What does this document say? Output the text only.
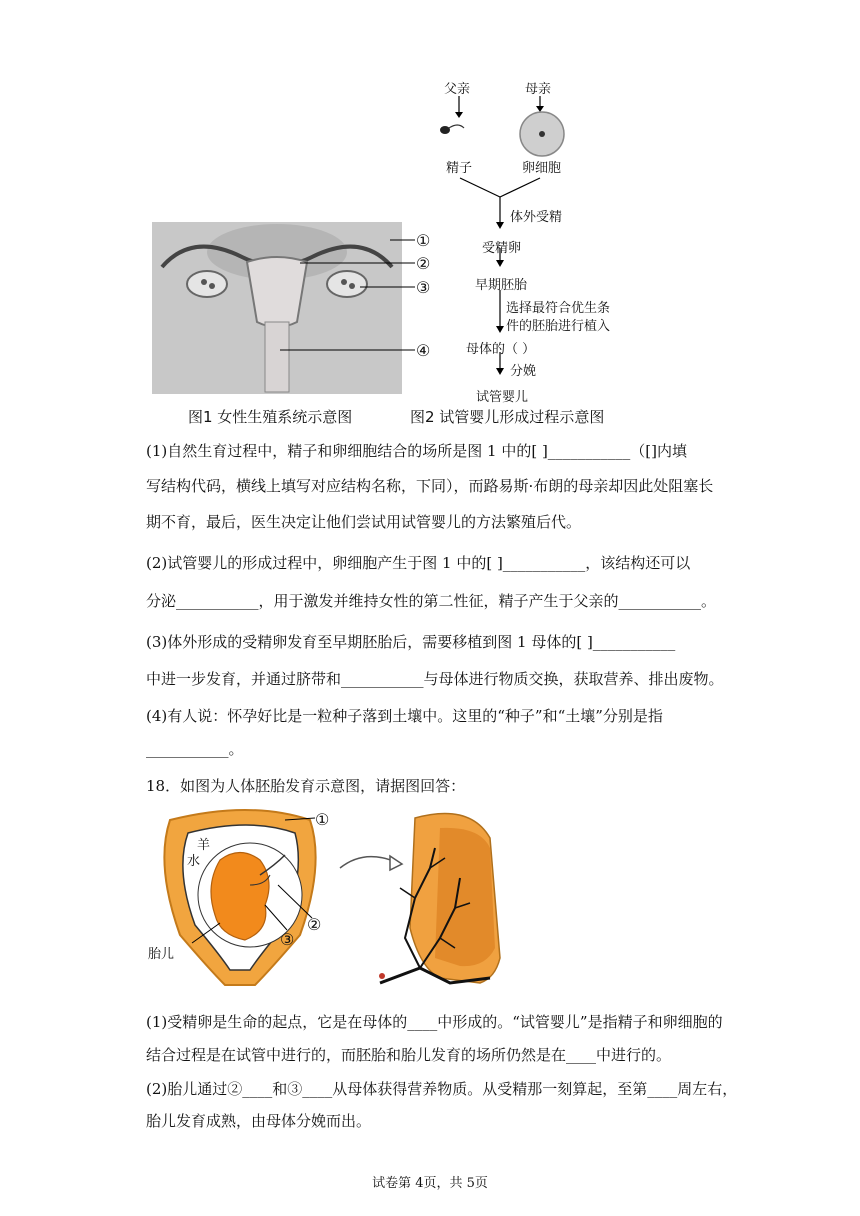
①
②
③
④
图1 女性生殖系统示意图
父亲	母亲
精子	卵细胞
体外受精
受精卵
早期胚胎
选择最符合优生条
件的胚胎进行植入
母体的（ ）
分娩
试管婴儿
图2 试管婴儿形成过程示意图
(1)自然生育过程中，精子和卵细胞结合的场所是图 1 中的[ ]___________（[]内填
写结构代码，横线上填写对应结构名称，下同），而路易斯·布朗的母亲却因此处阻塞长
期不育，最后，医生决定让他们尝试用试管婴儿的方法繁殖后代。
(2)试管婴儿的形成过程中，卵细胞产生于图 1 中的[ ]___________，该结构还可以
分泌___________，用于激发并维持女性的第二性征，精子产生于父亲的___________。
(3)体外形成的受精卵发育至早期胚胎后，需要移植到图 1 母体的[ ]___________
中进一步发育，并通过脐带和___________与母体进行物质交换，获取营养、排出废物。
(4)有人说：怀孕好比是一粒种子落到土壤中。这里的“种子”和“土壤”分别是指
___________。
18．如图为人体胚胎发育示意图，请据图回答：
羊
水
胎儿
①
②
③
(1)受精卵是生命的起点，它是在母体的____中形成的。“试管婴儿”是指精子和卵细胞的
结合过程是在试管中进行的，而胚胎和胎儿发育的场所仍然是在____中进行的。
(2)胎儿通过②____和③____从母体获得营养物质。从受精那一刻算起，至第____周左右，
胎儿发育成熟，由母体分娩而出。
试卷第 4页，共 5页
